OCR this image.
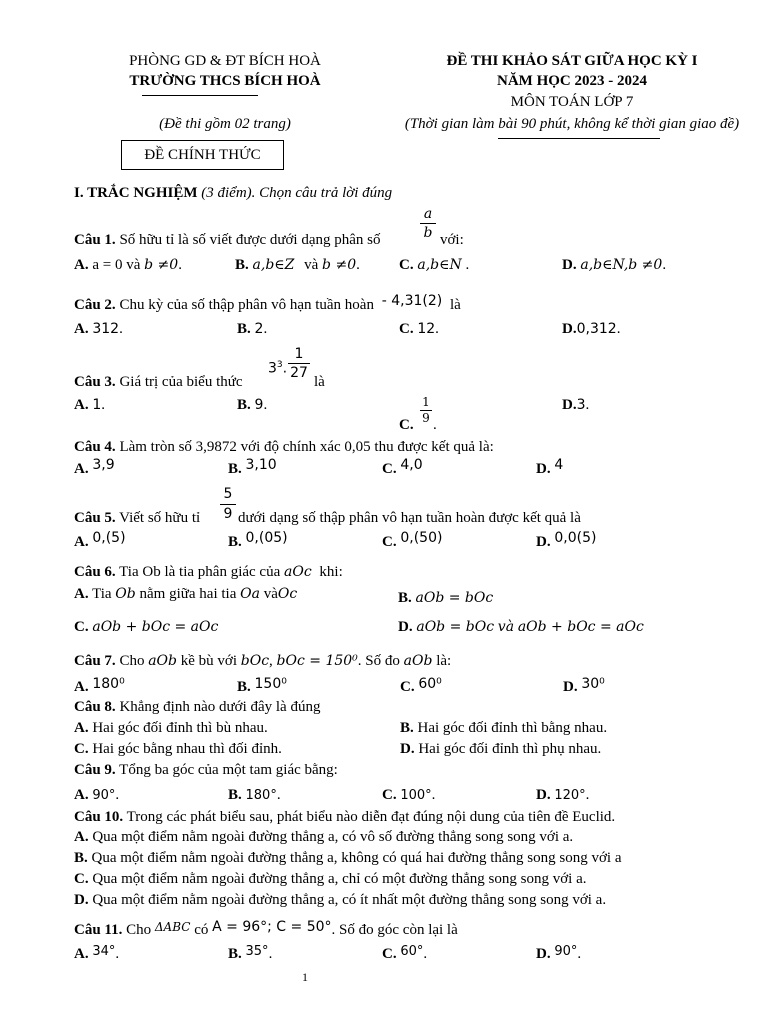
PHÒNG GD & ĐT BÍCH HOÀ
TRƯỜNG THCS BÍCH HOÀ
(Đề thi gồm 02 trang)
ĐỀ CHÍNH THỨC
ĐỀ THI KHẢO SÁT GIỮA HỌC KỲ I
NĂM HỌC 2023 - 2024
MÔN TOÁN LỚP 7
(Thời gian làm bài 90 phút, không kể thời gian giao đề)
I. TRẮC NGHIỆM (3 điểm). Chọn câu trả lời đúng
a
b
Câu 1. Số hữu tỉ là số viết được dưới dạng phân số	với:
A. a = 0 và b ≠0.	B. a,b∈Z và b ≠0.	C. a,b∈N .	D. a,b∈N,b ≠0.
Câu 2. Chu kỳ của số thập phân vô hạn tuần hoàn - 4,31(2) là
A. 312.	B. 2.	C. 12.	D.0,312.
$3^3$.
1
27
Câu 3. Giá trị của biểu thức	là
A. 1.	B. 9.	D.3.
C.
1
9 .
Câu 4. Làm tròn số 3,9872 với độ chính xác 0,05 thu được kết quả là:
A. 3,9	B. 3,10	C. 4,0	D. 4
5
9
Câu 5. Viết số hữu tỉ	dưới dạng số thập phân vô hạn tuần hoàn được kết quả là
A. 0,(5)	B. 0,(05)	C. 0,(50)	D. 0,0(5)
Câu 6. Tia Ob là tia phân giác của aOc khi:
A. Tia Ob nằm giữa hai tia Oa vàOc	B. aOb = bOc
C. aOb + bOc = aOc	D. aOb = bOc và aOb + bOc = aOc
Câu 7. Cho aOb kề bù với bOc, bOc = 150⁰. Số đo aOb là:
A. 180⁰	B. 150⁰	C. 60⁰	D. 30⁰
Câu 8. Khẳng định nào dưới đây là đúng
A. Hai góc đối đỉnh thì bù nhau.	B. Hai góc đối đỉnh thì bằng nhau.
C. Hai góc bằng nhau thì đối đỉnh.	D. Hai góc đối đỉnh thì phụ nhau.
Câu 9. Tổng ba góc của một tam giác bằng:
A. 90°.	B. 180°.	C. 100°.	D. 120°.
Câu 10. Trong các phát biểu sau, phát biểu nào diễn đạt đúng nội dung của tiên đề Euclid.
A. Qua một điểm nằm ngoài đường thẳng a, có vô số đường thẳng song song với a.
B. Qua một điểm nằm ngoài đường thẳng a, không có quá hai đường thẳng song song với a
C. Qua một điểm nằm ngoài đường thẳng a, chỉ có một đường thẳng song song với a.
D. Qua một điểm nằm ngoài đường thẳng a, có ít nhất một đường thẳng song song với a.
Câu 11. Cho $^{\Delta ABC}$ có A = 96°; C = 50°. Số đo góc còn lại là
A. 34°.	B. 35°.	C. 60°.	D. 90°.
1
